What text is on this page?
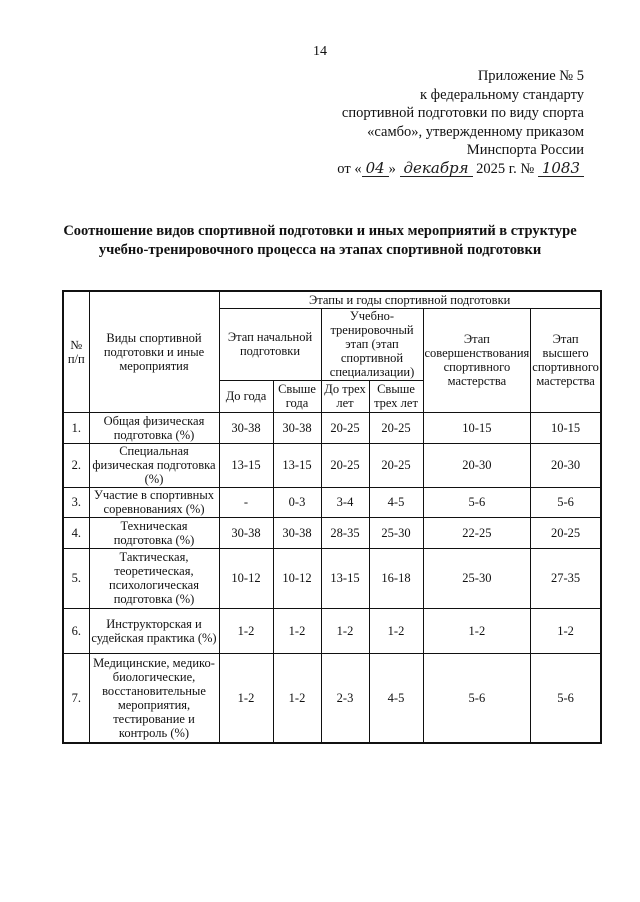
14
Приложение № 5
к федеральному стандарту
спортивной подготовки по виду спорта
«самбо», утвержденному приказом
Минспорта России
от « 04 » декабря 2025 г. № 1083
Соотношение видов спортивной подготовки и иных мероприятий в структуре
учебно-тренировочного процесса на этапах спортивной подготовки
№ п/п	Виды спортивной подготовки и иные мероприятия	Этапы и годы спортивной подготовки					
		Этап начальной подготовки		Учебно-тренировочный этап (этап спортивной специализации)		Этап совершенствования спортивного мастерства	Этап высшего спортивного мастерства
		До года	Свыше года	До трех лет	Свыше трех лет		
1.	Общая физическая подготовка (%)	30-38	30-38	20-25	20-25	10-15	10-15
2.	Специальная физическая подготовка (%)	13-15	13-15	20-25	20-25	20-30	20-30
3.	Участие в спортивных соревнованиях (%)	-	0-3	3-4	4-5	5-6	5-6
4.	Техническая подготовка (%)	30-38	30-38	28-35	25-30	22-25	20-25
5.	Тактическая, теоретическая, психологическая подготовка (%)	10-12	10-12	13-15	16-18	25-30	27-35
6.	Инструкторская и судейская практика (%)	1-2	1-2	1-2	1-2	1-2	1-2
7.	Медицинские, медико-биологические, восстановительные мероприятия, тестирование и контроль (%)	1-2	1-2	2-3	4-5	5-6	5-6
